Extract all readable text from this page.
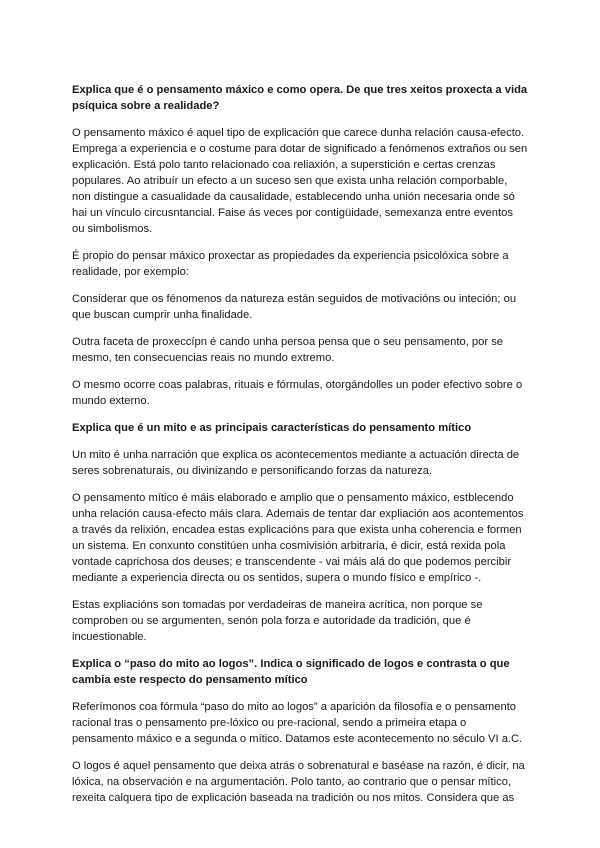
Explica que é o pensamento máxico e como opera. De que tres xeitos proxecta a vida psíquica sobre a realidade?

O pensamento máxico é aquel tipo de explicación que carece dunha relación causa-efecto. Emprega a experiencia e o costume para dotar de significado a fenómenos extraños ou sen explicación. Está polo tanto relacionado coa reliaxión, a superstición e certas crenzas populares. Ao atribuír un efecto a un suceso sen que exista unha relación comporbable, non distingue a casualidade da causalidade, establecendo unha unión necesaria onde só hai un vínculo circusntancial. Faise ás veces por contigüidade, semexanza entre eventos ou simbolismos.

É propio do pensar máxico proxectar as propiedades da experiencia psicolóxica sobre a realidade, por exemplo:

Considerar que os fénomenos da natureza están seguidos de motivacións ou inteción; ou que buscan cumprir unha finalidade.

Outra faceta de proxeccípn é cando unha persoa pensa que o seu pensamento, por se mesmo, ten consecuencias reais no mundo extremo.

O mesmo ocorre coas palabras, rituais e fórmulas, otorgándolles un poder efectivo sobre o mundo externo.

Explica que é un mito e as principais características do pensamento mítico

Un mito é unha narración que explica os acontecementos mediante a actuación directa de seres sobrenaturais, ou divinizando e personificando forzas da natureza.

O pensamento mítico é máis elaborado e amplio que o pensamento máxico, estblecendo unha relación causa-efecto máis clara. Ademais de tentar dar expliación aos acontementos a través da relixión, encadea estas explicacións para que exista unha coherencia e formen un sistema. En conxunto constitúen unha cosmivisión arbitraria, é dicir, está rexida pola vontade caprichosa dos deuses; e transcendente - vai máis alá do que podemos percibir mediante a experiencia directa ou os sentidos, supera o mundo físico e empírico -.

Estas expliacións son tomadas por verdadeiras de maneira acrítica, non porque se comproben ou se argumenten, senón pola forza e autoridade da tradición, que é incuestionable.

Explica o “paso do mito ao logos”. Indica o significado de logos e contrasta o que cambia este respecto do pensamento mítico

Referímonos coa fórmula “paso do mito ao logos” a aparición da filosofía e o pensamento racional tras o pensamento pre-lóxico ou pre-racional, sendo a primeira etapa o pensamento máxico e a segunda o mítico. Datamos este acontecemento no século VI a.C.

O logos é aquel pensamento que deixa atrás o sobrenatural e baséase na razón, é dicir, na lóxica, na observación e na argumentación. Polo tanto, ao contrario que o pensar mítico, rexeita calquera tipo de explicación baseada na tradición ou nos mitos. Considera que as
